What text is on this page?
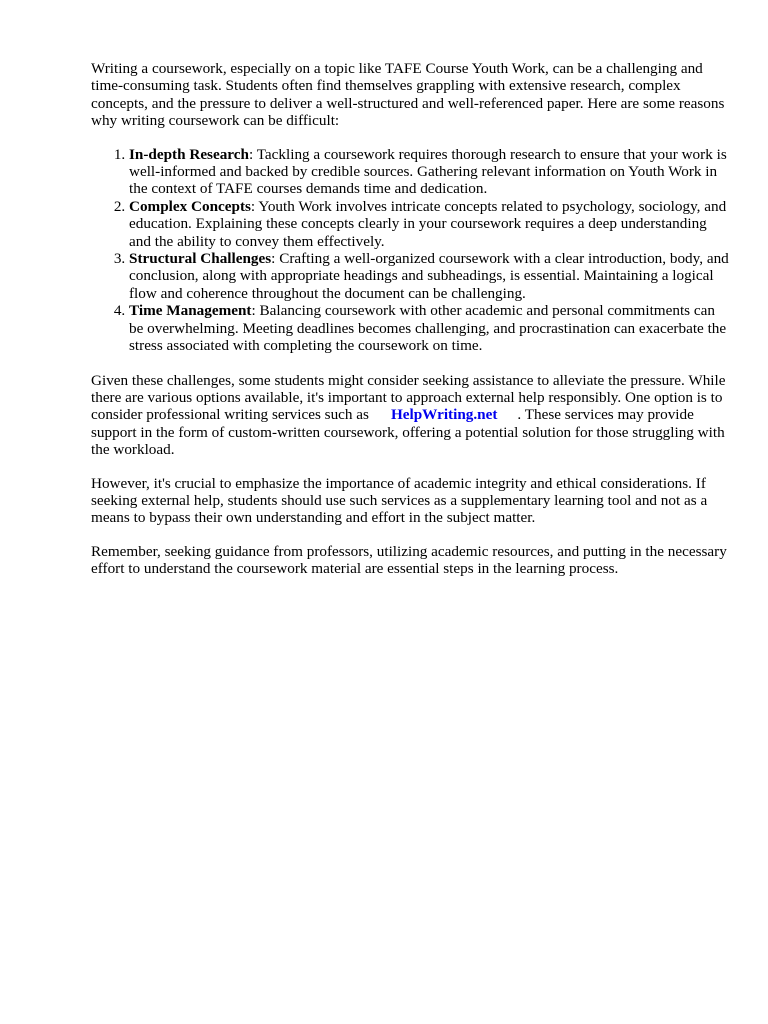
Writing a coursework, especially on a topic like TAFE Course Youth Work, can be a challenging and time-consuming task. Students often find themselves grappling with extensive research, complex concepts, and the pressure to deliver a well-structured and well-referenced paper. Here are some reasons why writing coursework can be difficult:

1. In-depth Research: Tackling a coursework requires thorough research to ensure that your work is well-informed and backed by credible sources. Gathering relevant information on Youth Work in the context of TAFE courses demands time and dedication.
2. Complex Concepts: Youth Work involves intricate concepts related to psychology, sociology, and education. Explaining these concepts clearly in your coursework requires a deep understanding and the ability to convey them effectively.
3. Structural Challenges: Crafting a well-organized coursework with a clear introduction, body, and conclusion, along with appropriate headings and subheadings, is essential. Maintaining a logical flow and coherence throughout the document can be challenging.
4. Time Management: Balancing coursework with other academic and personal commitments can be overwhelming. Meeting deadlines becomes challenging, and procrastination can exacerbate the stress associated with completing the coursework on time.

Given these challenges, some students might consider seeking assistance to alleviate the pressure. While there are various options available, it's important to approach external help responsibly. One option is to consider professional writing services such as HelpWriting.net . These services may provide support in the form of custom-written coursework, offering a potential solution for those struggling with the workload.

However, it's crucial to emphasize the importance of academic integrity and ethical considerations. If seeking external help, students should use such services as a supplementary learning tool and not as a means to bypass their own understanding and effort in the subject matter.

Remember, seeking guidance from professors, utilizing academic resources, and putting in the necessary effort to understand the coursework material are essential steps in the learning process.
